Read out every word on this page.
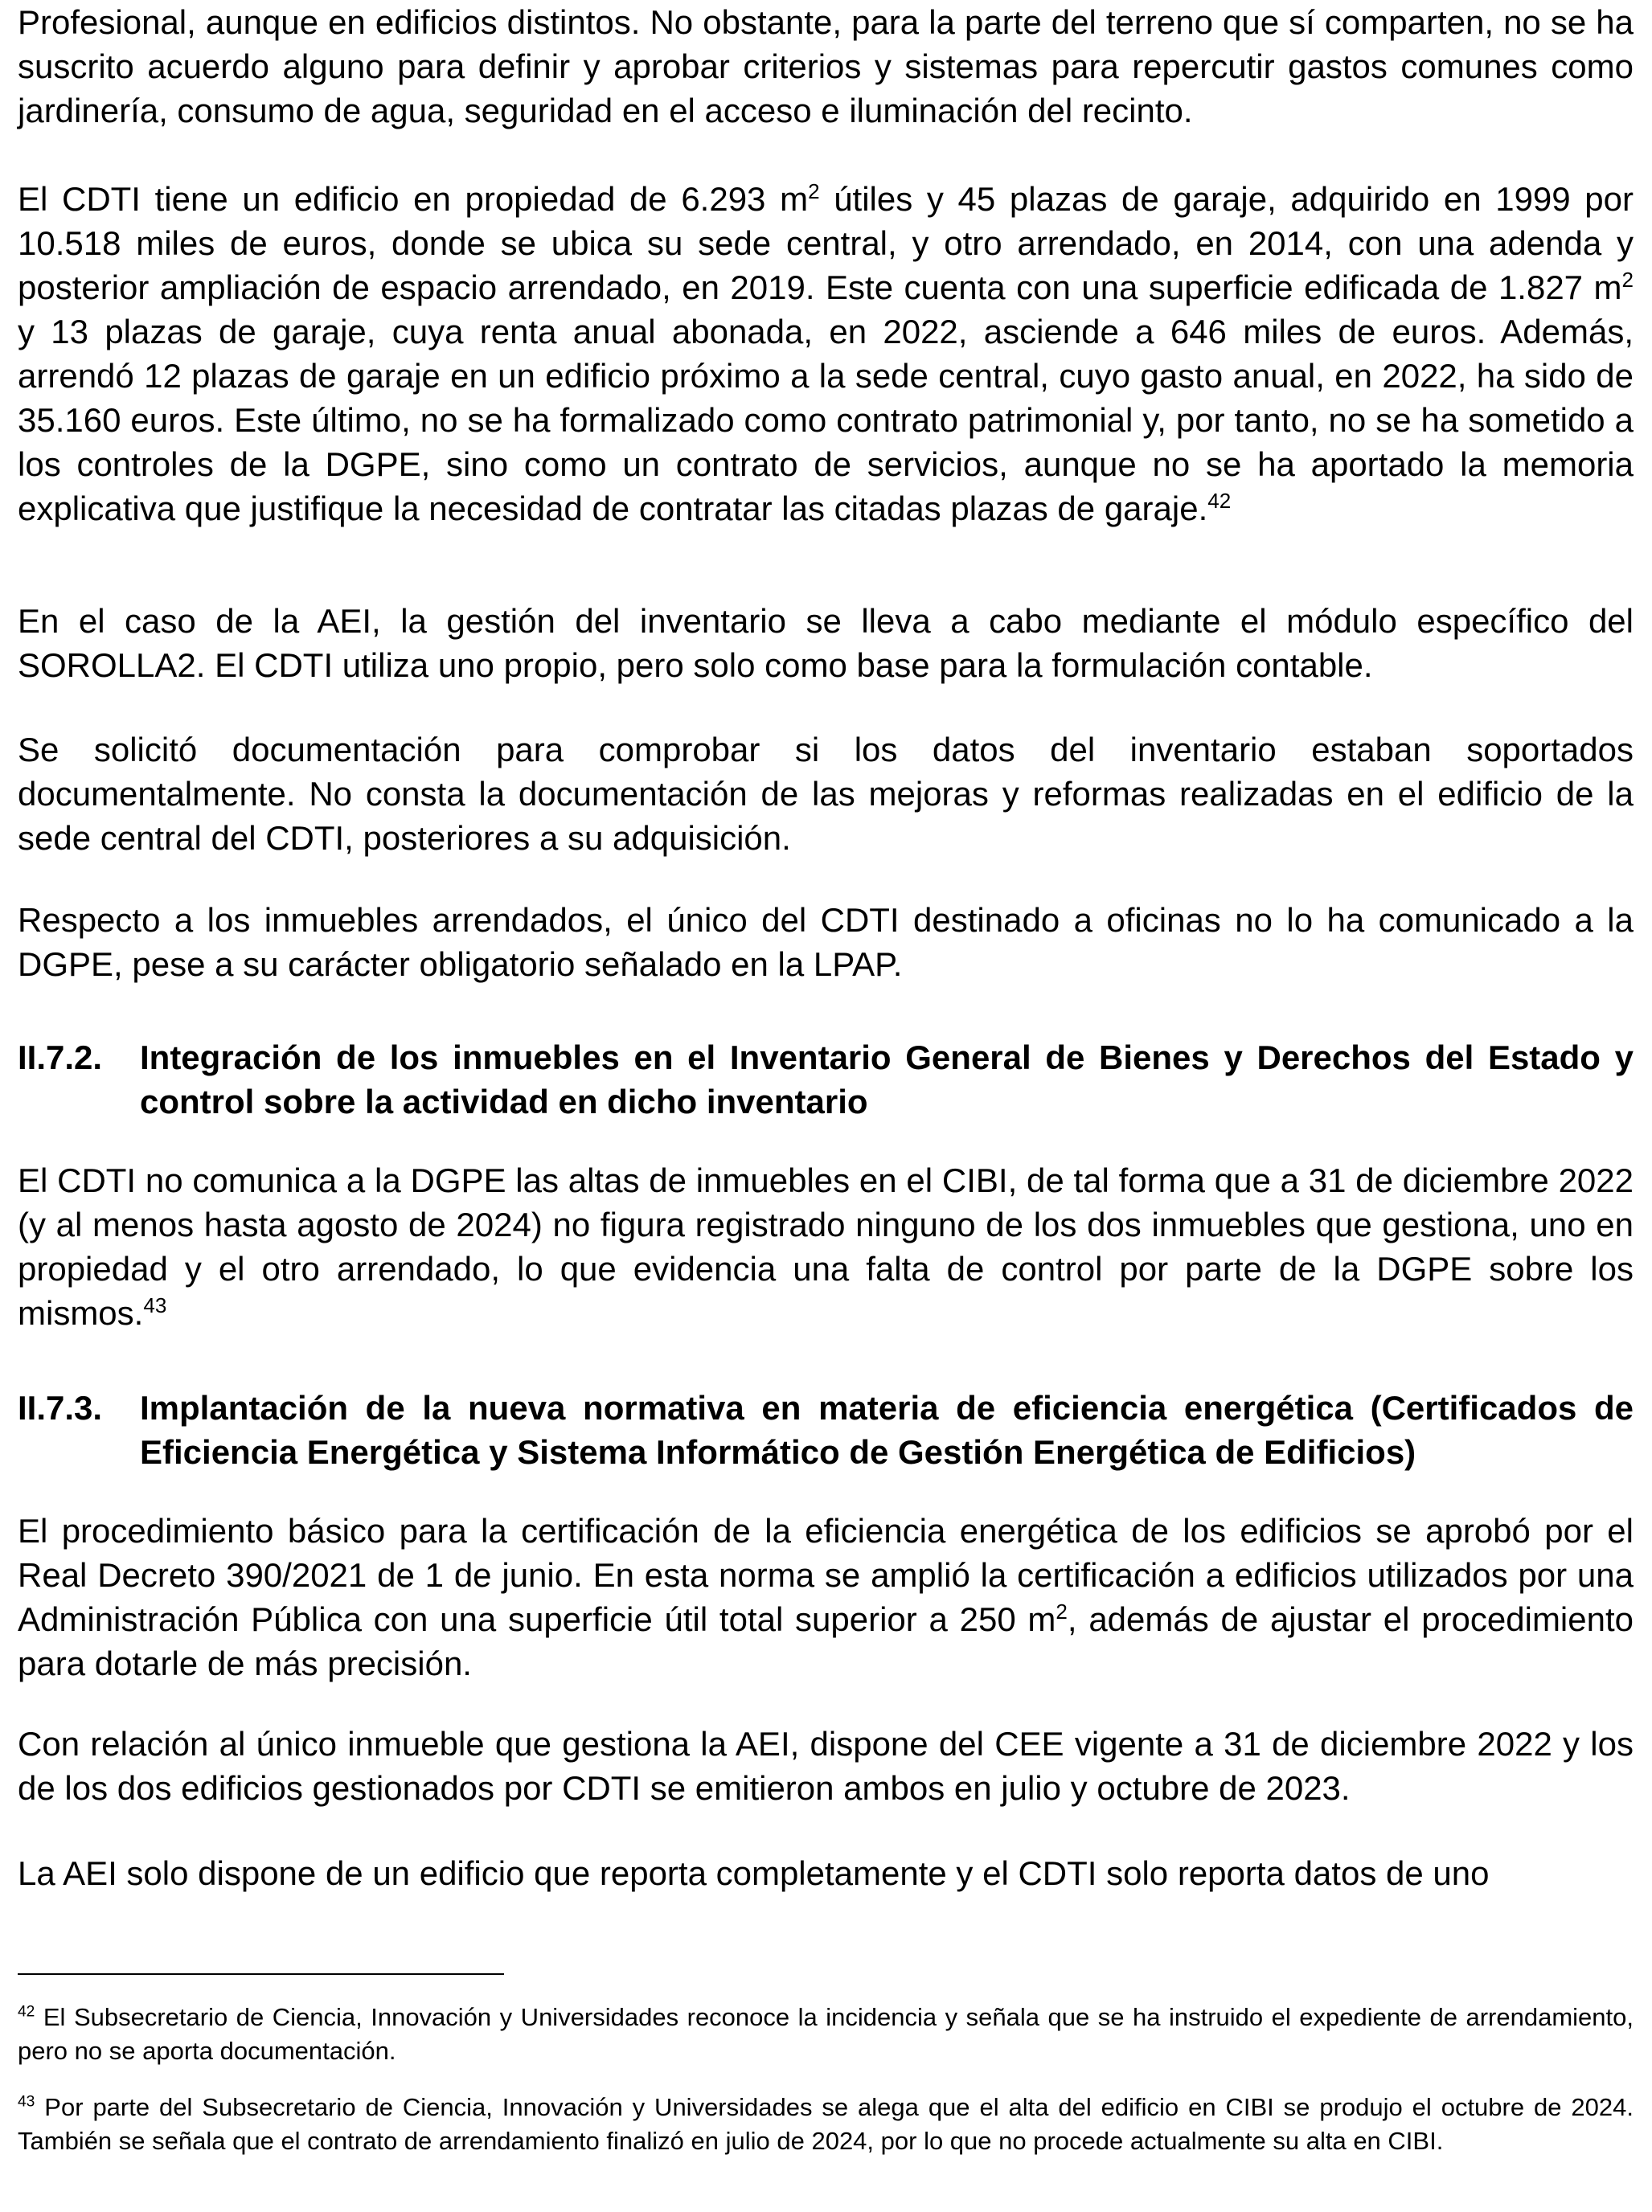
Profesional, aunque en edificios distintos. No obstante, para la parte del terreno que sí comparten, no se ha suscrito acuerdo alguno para definir y aprobar criterios y sistemas para repercutir gastos comunes como jardinería, consumo de agua, seguridad en el acceso e iluminación del recinto.

El CDTI tiene un edificio en propiedad de 6.293 $m^2$ útiles y 45 plazas de garaje, adquirido en 1999 por 10.518 miles de euros, donde se ubica su sede central, y otro arrendado, en 2014, con una adenda y posterior ampliación de espacio arrendado, en 2019. Este cuenta con una superficie edificada de 1.827 $m^2$ y 13 plazas de garaje, cuya renta anual abonada, en 2022, asciende a 646 miles de euros. Además, arrendó 12 plazas de garaje en un edificio próximo a la sede central, cuyo gasto anual, en 2022, ha sido de 35.160 euros. Este último, no se ha formalizado como contrato patrimonial y, por tanto, no se ha sometido a los controles de la DGPE, sino como un contrato de servicios, aunque no se ha aportado la memoria explicativa que justifique la necesidad de contratar las citadas plazas de garaje.$^{42}$

En el caso de la AEI, la gestión del inventario se lleva a cabo mediante el módulo específico del SOROLLA2. El CDTI utiliza uno propio, pero solo como base para la formulación contable.

Se solicitó documentación para comprobar si los datos del inventario estaban soportados documentalmente. No consta la documentación de las mejoras y reformas realizadas en el edificio de la sede central del CDTI, posteriores a su adquisición.

Respecto a los inmuebles arrendados, el único del CDTI destinado a oficinas no lo ha comunicado a la DGPE, pese a su carácter obligatorio señalado en la LPAP.

II.7.2. Integración de los inmuebles en el Inventario General de Bienes y Derechos del Estado y control sobre la actividad en dicho inventario

El CDTI no comunica a la DGPE las altas de inmuebles en el CIBI, de tal forma que a 31 de diciembre 2022 (y al menos hasta agosto de 2024) no figura registrado ninguno de los dos inmuebles que gestiona, uno en propiedad y el otro arrendado, lo que evidencia una falta de control por parte de la DGPE sobre los mismos.$^{43}$

II.7.3. Implantación de la nueva normativa en materia de eficiencia energética (Certificados de Eficiencia Energética y Sistema Informático de Gestión Energética de Edificios)

El procedimiento básico para la certificación de la eficiencia energética de los edificios se aprobó por el Real Decreto 390/2021 de 1 de junio. En esta norma se amplió la certificación a edificios utilizados por una Administración Pública con una superficie útil total superior a 250 $m^2$, además de ajustar el procedimiento para dotarle de más precisión.

Con relación al único inmueble que gestiona la AEI, dispone del CEE vigente a 31 de diciembre 2022 y los de los dos edificios gestionados por CDTI se emitieron ambos en julio y octubre de 2023.

La AEI solo dispone de un edificio que reporta completamente y el CDTI solo reporta datos de uno

$^{42}$ El Subsecretario de Ciencia, Innovación y Universidades reconoce la incidencia y señala que se ha instruido el expediente de arrendamiento, pero no se aporta documentación.

$^{43}$ Por parte del Subsecretario de Ciencia, Innovación y Universidades se alega que el alta del edificio en CIBI se produjo el octubre de 2024. También se señala que el contrato de arrendamiento finalizó en julio de 2024, por lo que no procede actualmente su alta en CIBI.
